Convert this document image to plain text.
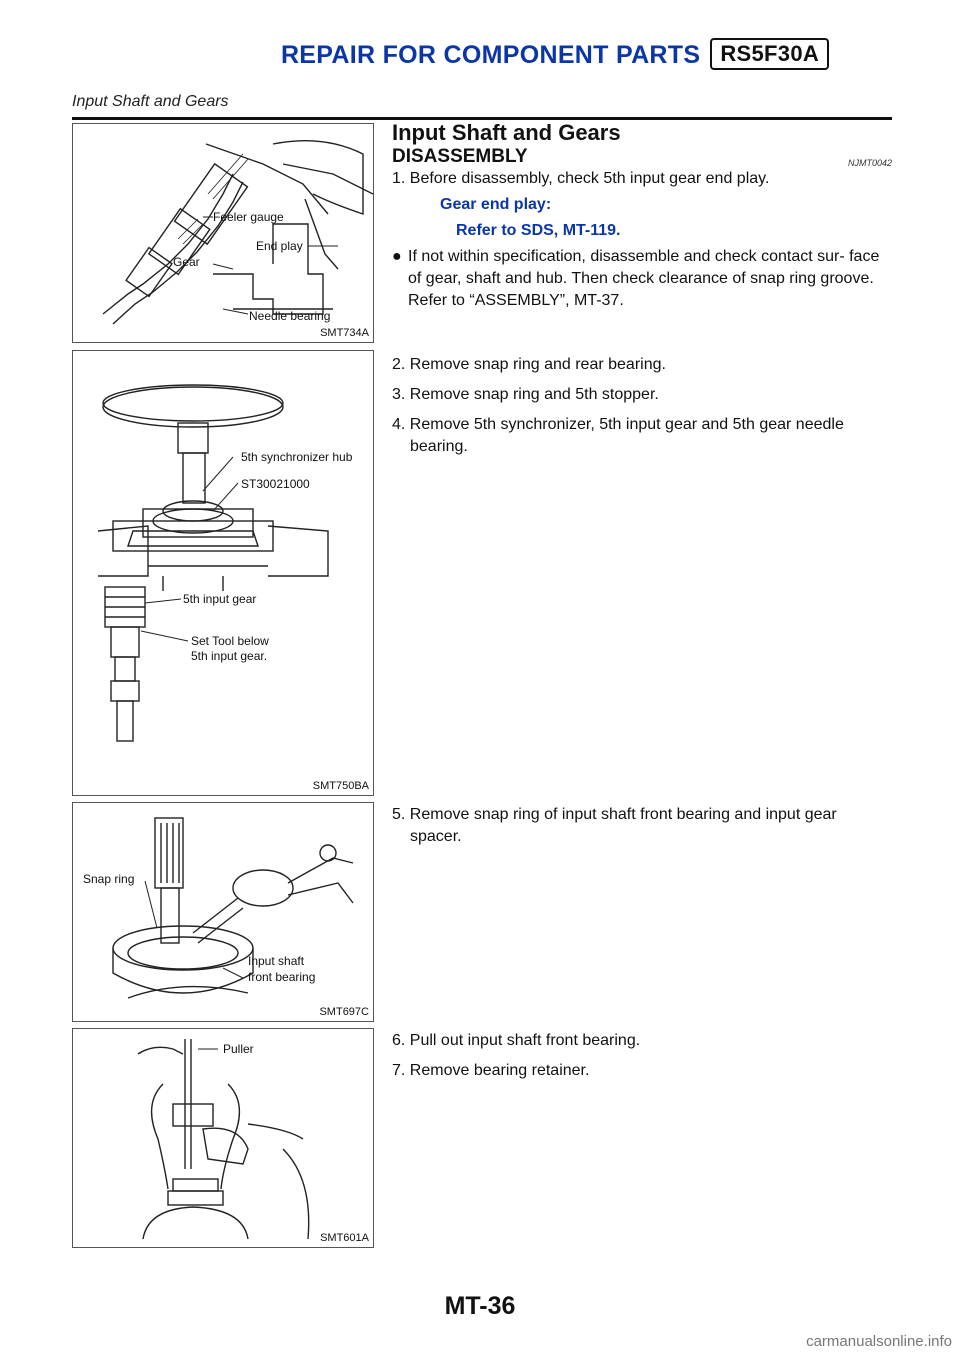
REPAIR FOR COMPONENT PARTS RS5F30A
Input Shaft and Gears
Feeler gauge
End play
Gear
Needle bearing
SMT734A
5th synchronizer hub
ST30021000
5th input gear
Set Tool below
5th input gear.
SMT750BA
Snap ring
Input shaft
front bearing
SMT697C
Puller
SMT601A
Input Shaft and Gears
DISASSEMBLY	NJMT0042
1. Before disassembly, check 5th input gear end play.
Gear end play:
Refer to SDS, MT-119.
● If not within specification, disassemble and check contact sur- face of gear, shaft and hub. Then check clearance of snap ring groove. Refer to “ASSEMBLY”, MT-37.
2. Remove snap ring and rear bearing.
3. Remove snap ring and 5th stopper.
4. Remove 5th synchronizer, 5th input gear and 5th gear needle bearing.
5. Remove snap ring of input shaft front bearing and input gear spacer.
6. Pull out input shaft front bearing.
7. Remove bearing retainer.
MT-36
carmanualsonline.info
